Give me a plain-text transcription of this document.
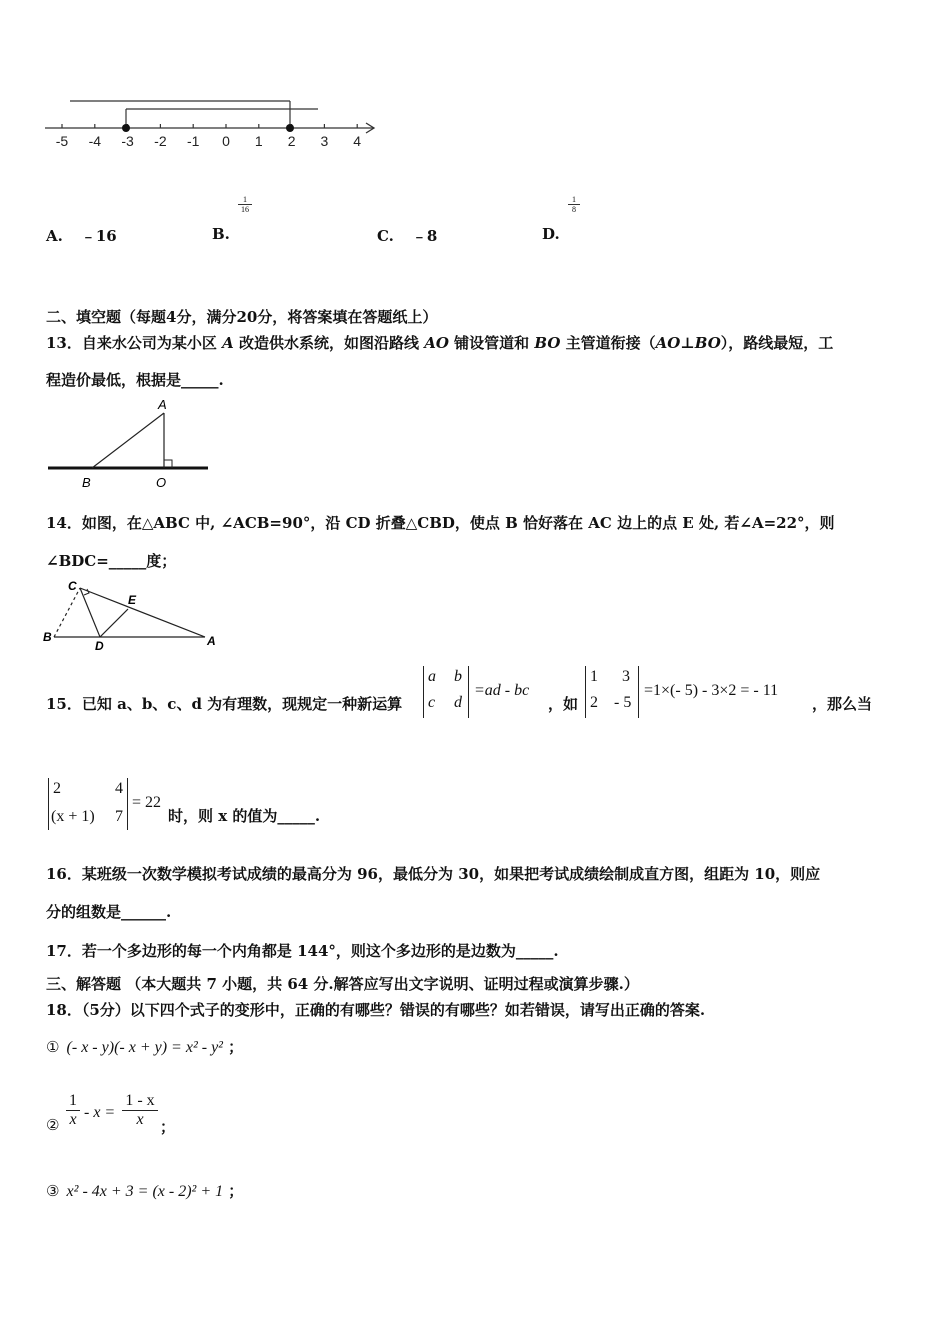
-5 -4 -3 -2 -1 0 1 2 3 4
A. ﹣16	B.
1
16
C. ﹣8	D.
1
8
二、填空题（每题4分，满分20分，将答案填在答题纸上）
13．自来水公司为某小区 A 改造供水系统，如图沿路线 AO 铺设管道和 BO 主管道衔接（AO⊥BO），路线最短，工
程造价最低，根据是_____.
A
B	O
14．如图，在△ABC 中, ∠ACB=90°，沿 CD 折叠△CBD，使点 B 恰好落在 AC 边上的点 E 处, 若∠A=22°，则
∠BDC=_____度；
C
E
B
D	A
15．已知 a、b、c、d 为有理数，现规定一种新运算
a b
c d
=ad - bc
，如
1 3
2 - 5
=1×(- 5) - 3×2 = - 11
，那么当
2	4
(x + 1) 7
= 22
时，则 x 的值为_____.
16．某班级一次数学模拟考试成绩的最高分为 96，最低分为 30，如果把考试成绩绘制成直方图，组距为 10，则应
分的组数是______.
17．若一个多边形的每一个内角都是 144°，则这个多边形的是边数为_____.
三、解答题 （本大题共 7 小题，共 64 分.解答应写出文字说明、证明过程或演算步骤.）
18．（5分）以下四个式子的变形中，正确的有哪些？错误的有哪些？如若错误，请写出正确的答案.
① (- x - y)(- x + y) = x² - y² ；
②
1
x - x =
1 - x
x	；
③ x² - 4x + 3 = (x - 2)² + 1 ；
